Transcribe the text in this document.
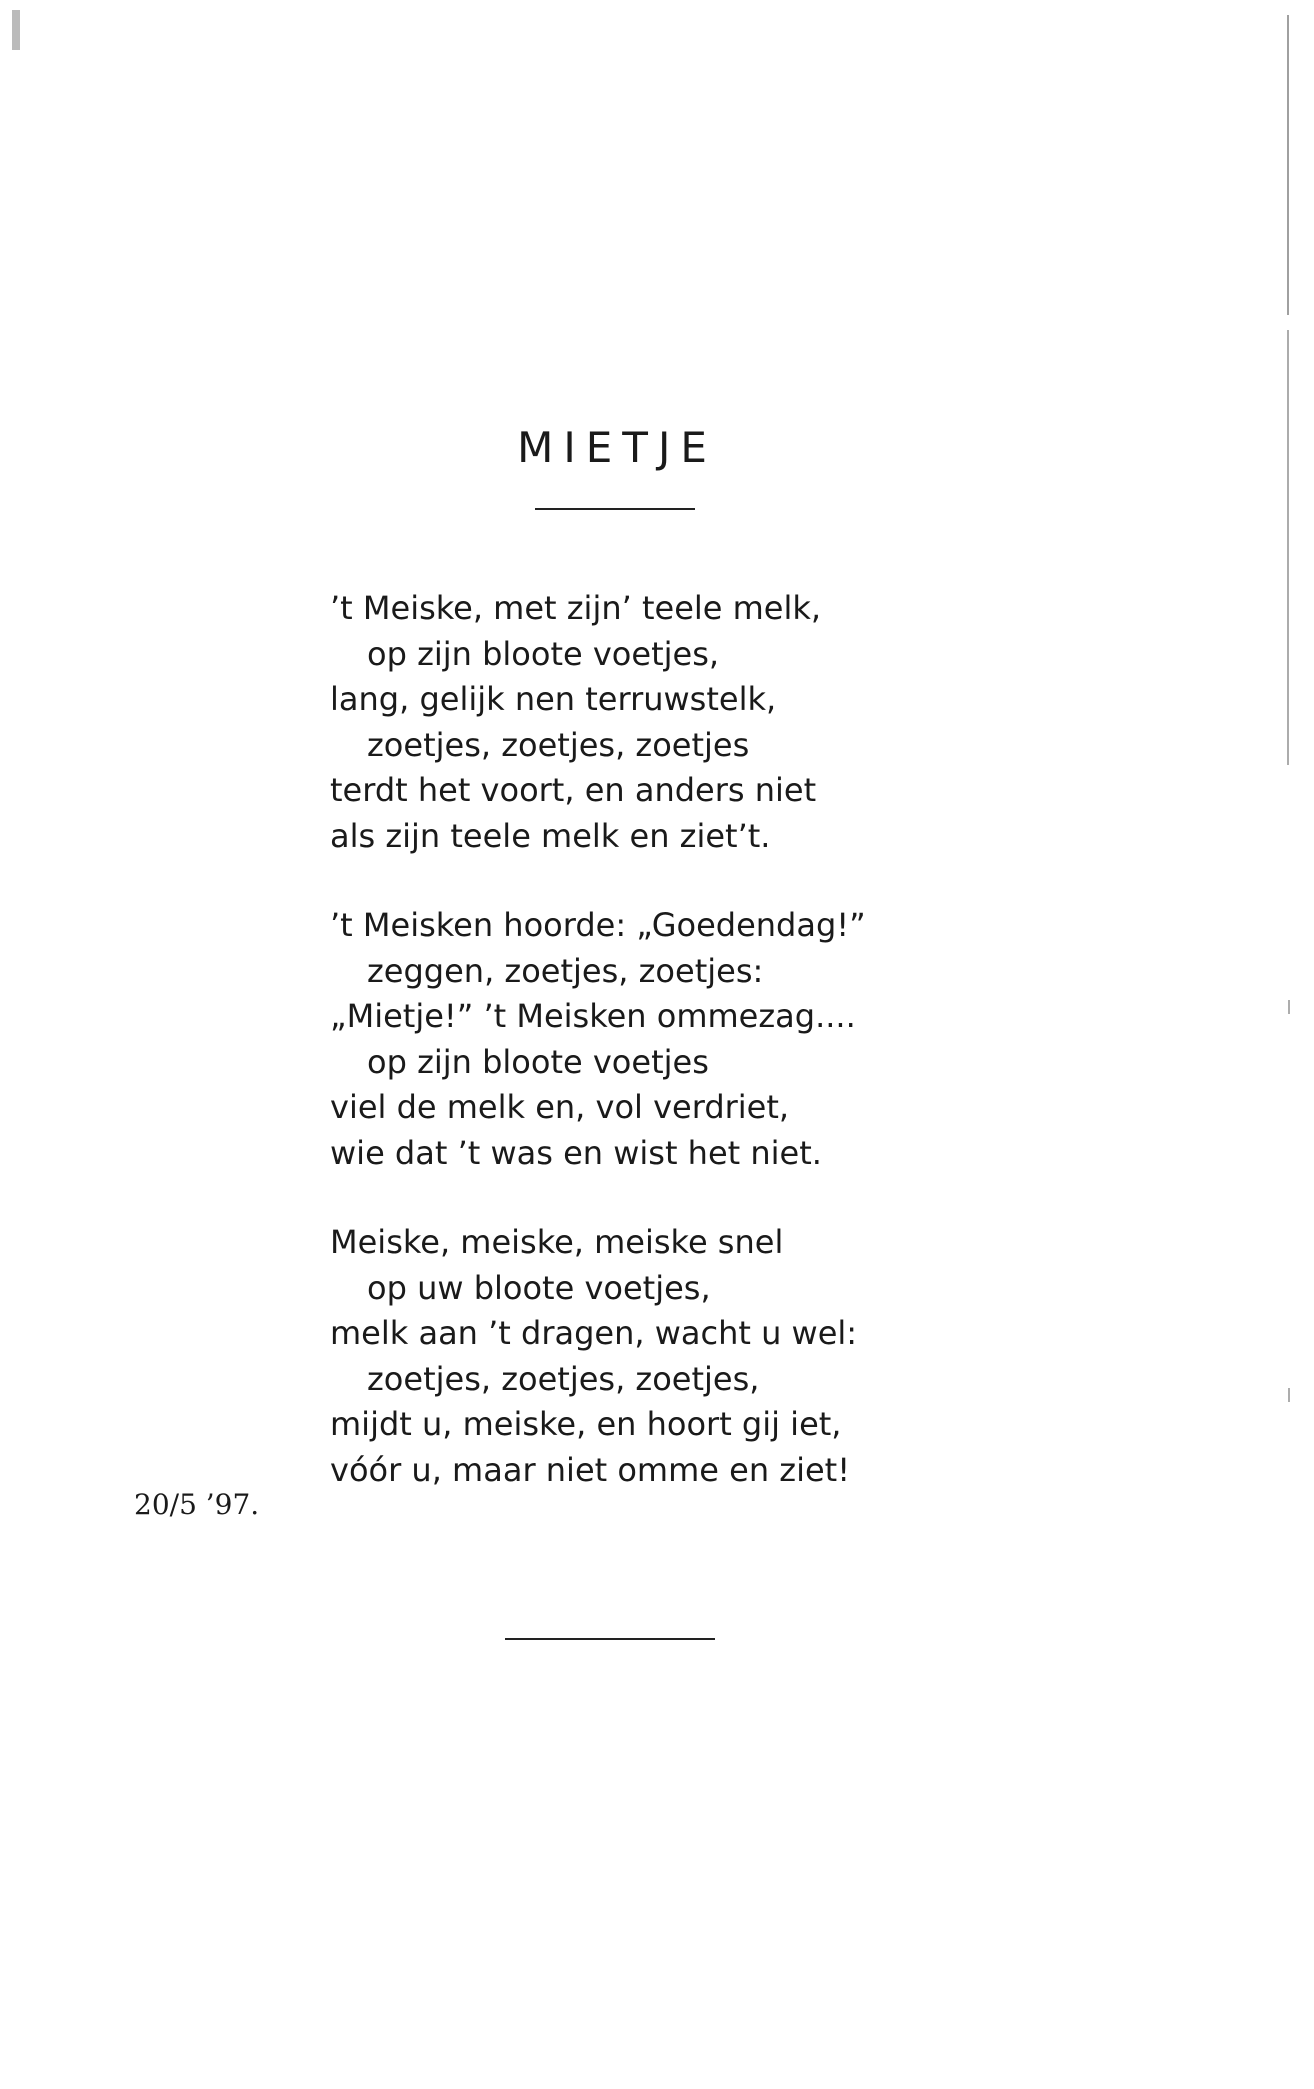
MIETJE
’t Meiske, met zijn’ teele melk,
op zijn bloote voetjes,
lang, gelijk nen terruwstelk,
zoetjes, zoetjes, zoetjes
terdt het voort, en anders niet
als zijn teele melk en ziet’t.
’t Meisken hoorde: „Goedendag!”
zeggen, zoetjes, zoetjes:
„Mietje!” ’t Meisken ommezag....
op zijn bloote voetjes
viel de melk en, vol verdriet,
wie dat ’t was en wist het niet.
Meiske, meiske, meiske snel
op uw bloote voetjes,
melk aan ’t dragen, wacht u wel:
zoetjes, zoetjes, zoetjes,
mijdt u, meiske, en hoort gij iet,
vóór u, maar niet omme en ziet!
20/5 ’97.
